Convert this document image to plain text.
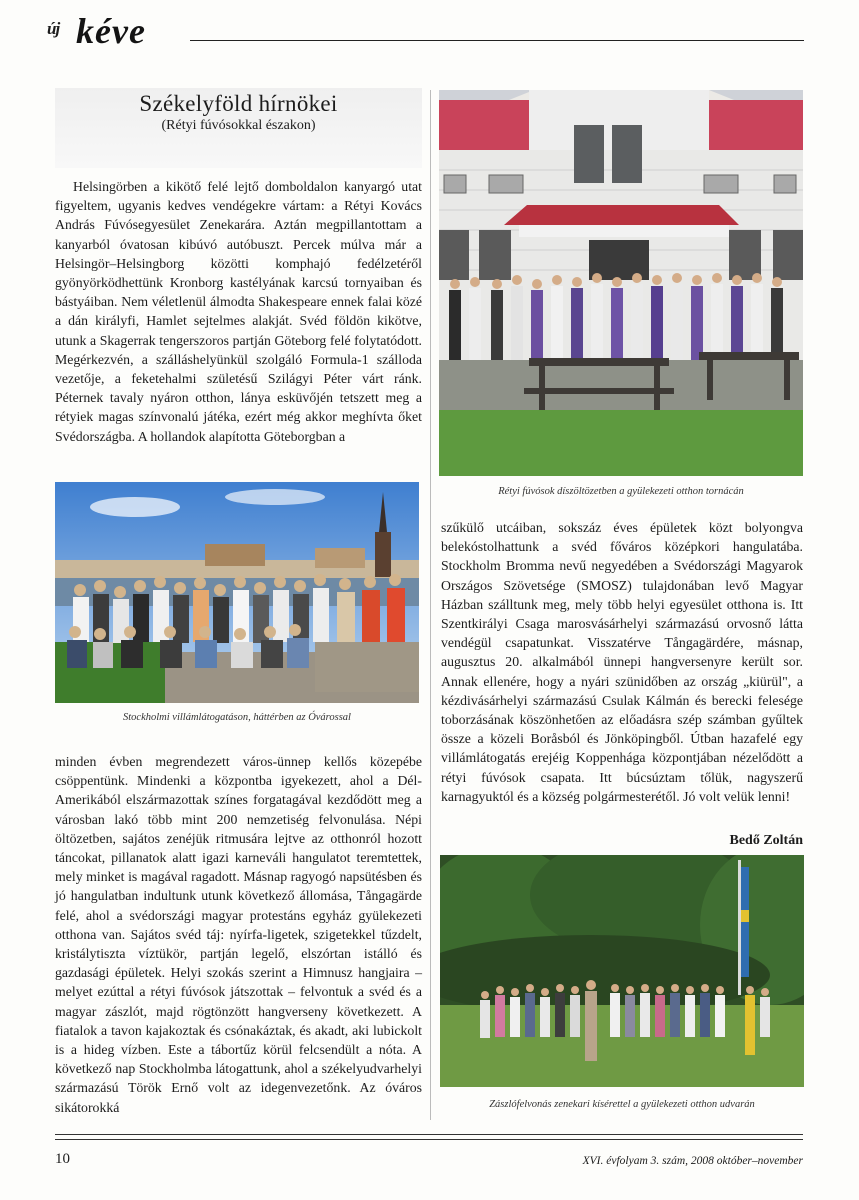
új kéve
Székelyföld hírnökei
(Rétyi fúvósokkal északon)

Helsingörben a kikötő felé lejtő domboldalon kanyargó utat figyeltem, ugyanis kedves vendégekre vártam: a Rétyi Kovács András Fúvósegyesület Zenekarára. Aztán megpillantottam a kanyarból óvatosan kibúvó autóbuszt. Percek múlva már a Helsingör–Helsingborg közötti komphajó fedélzetéről gyönyörködhettünk Kronborg kastélyának karcsú tornyaiban és bástyáiban. Nem véletlenül álmodta Shakespeare ennek falai közé a dán királyfi, Hamlet sejtelmes alakját. Svéd földön kikötve, utunk a Skagerrak tengerszoros partján Göteborg felé folytatódott. Megérkezvén, a szálláshelyünkül szolgáló Formula-1 szálloda vezetője, a feketehalmi születésű Szilágyi Péter várt ránk. Péternek tavaly nyáron otthon, lánya esküvőjén tetszett meg a rétyiek magas színvonalú játéka, ezért még akkor meghívta őket Svédországba. A hollandok alapította Göteborgban a

Stockholmi villámlátogatáson, háttérben az Óvárossal

minden évben megrendezett város-ünnep kellős közepébe csöppentünk. Mindenki a központba igyekezett, ahol a Dél-Amerikából elszármazottak színes forgatagával kezdődött meg a városban lakó több mint 200 nemzetiség felvonulása. Népi öltözetben, sajátos zenéjük ritmusára lejtve az otthonról hozott táncokat, pillanatok alatt igazi karneváli hangulatot teremtettek, mely minket is magával ragadott. Másnap ragyogó napsütésben és jó hangulatban indultunk utunk következő állomása, Tångagärde felé, ahol a svédországi magyar protestáns egyház gyülekezeti otthona van. Sajátos svéd táj: nyírfa-ligetek, szigetekkel tűzdelt, kristálytiszta víztükör, partján legelő, elszórtan istálló és gazdasági épületek. Helyi szokás szerint a Himnusz hangjaira – melyet ezúttal a rétyi fúvósok játszottak – felvontuk a svéd és a magyar zászlót, majd rögtönzött hangverseny következett. A fiatalok a tavon kajakoztak és csónakáztak, és akadt, aki lubickolt is a hideg vízben. Este a tábortűz körül felcsendült a nóta. A következő nap Stockholmba látogattunk, ahol a székelyudvarhelyi származású Török Ernő volt az idegenvezetőnk. Az óváros sikátorokká

Rétyi fúvósok díszöltözetben a gyülekezeti otthon tornácán

szűkülő utcáiban, sokszáz éves épületek közt bolyongva belekóstolhattunk a svéd főváros középkori hangulatába. Stockholm Bromma nevű negyedében a Svédországi Magyarok Országos Szövetsége (SMOSZ) tulajdonában levő Magyar Házban szálltunk meg, mely több helyi egyesület otthona is. Itt Szentkirályi Csaga marosvásárhelyi származású orvosnő látta vendégül csapatunkat. Visszatérve Tångagärdére, másnap, augusztus 20. alkalmából ünnepi hangversenyre került sor. Annak ellenére, hogy a nyári szünidőben az ország „kiürül", a kézdivásárhelyi származású Csulak Kálmán és berecki felesége toborzásának köszönhetően az előadásra szép számban gyűltek össze a közeli Boråsból és Jönköpingből. Útban hazafelé egy villámlátogatás erejéig Koppenhága központjában nézelődött a rétyi fúvósok csapata. Itt búcsúztam tőlük, nagyszerű karnagyuktól és a község polgármesterétől. Jó volt velük lenni!

Bedő Zoltán
Zászlófelvonás zenekari kísérettel a gyülekezeti otthon udvarán
10	XVI. évfolyam 3. szám, 2008 október–november
